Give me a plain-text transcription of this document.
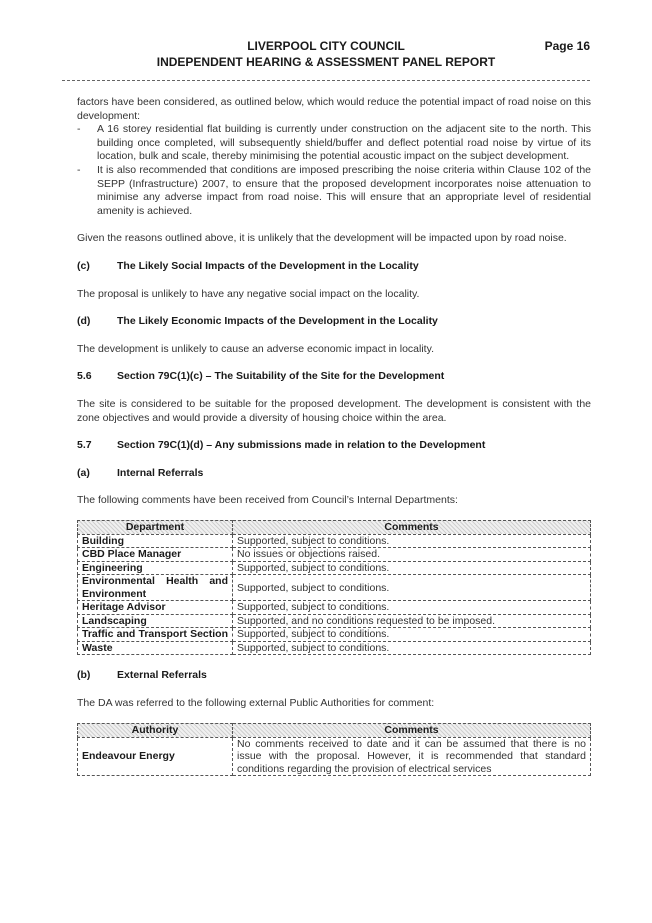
LIVERPOOL CITY COUNCIL
INDEPENDENT HEARING & ASSESSMENT PANEL REPORT
Page 16

factors have been considered, as outlined below, which would reduce the potential impact of road noise on this development:

-	A 16 storey residential flat building is currently under construction on the adjacent site to the north. This building once completed, will subsequently shield/buffer and deflect potential road noise by virtue of its location, bulk and scale, thereby minimising the potential acoustic impact on the subject development.
-	It is also recommended that conditions are imposed prescribing the noise criteria within Clause 102 of the SEPP (Infrastructure) 2007, to ensure that the proposed development incorporates noise attenuation to minimise any adverse impact from road noise. This will ensure that an appropriate level of residential amenity is achieved.

Given the reasons outlined above, it is unlikely that the development will be impacted upon by road noise.

(c)	The Likely Social Impacts of the Development in the Locality

The proposal is unlikely to have any negative social impact on the locality.

(d)	The Likely Economic Impacts of the Development in the Locality

The development is unlikely to cause an adverse economic impact in locality.

5.6	Section 79C(1)(c) – The Suitability of the Site for the Development

The site is considered to be suitable for the proposed development. The development is consistent with the zone objectives and would provide a diversity of housing choice within the area.

5.7	Section 79C(1)(d) – Any submissions made in relation to the Development
(a)	Internal Referrals

The following comments have been received from Council’s Internal Departments:

Department	Comments
Building	Supported, subject to conditions.
CBD Place Manager	No issues or objections raised.
Engineering	Supported, subject to conditions.
Environmental Health and Environment	Supported, subject to conditions.
Heritage Advisor	Supported, subject to conditions.
Landscaping	Supported, and no conditions requested to be imposed.
Traffic and Transport Section	Supported, subject to conditions.
Waste	Supported, subject to conditions.
(b)	External Referrals

The DA was referred to the following external Public Authorities for comment:

Authority	Comments
Endeavour Energy	No comments received to date and it can be assumed that there is no issue with the proposal. However, it is recommended that standard conditions regarding the provision of electrical services
